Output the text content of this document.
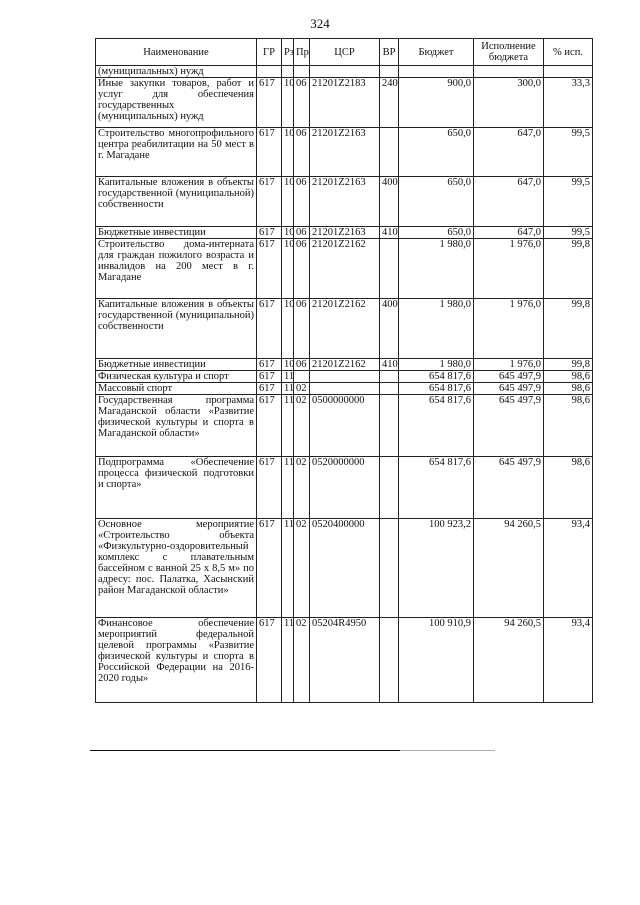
324
Наименование	ГР	Рз	Пр	ЦСР	ВР	Бюджет	Исполнение бюджета	% исп.
(муниципальных) нужд								
Иные закупки товаров, работ и услуг для обеспечения государственных (муниципальных) нужд	617	10	06	21201Z2183	240	900,0	300,0	33,3
Строительство многопрофильного центра реабилитации на 50 мест в г. Магадане	617	10	06	21201Z2163		650,0	647,0	99,5
Капитальные вложения в объекты государственной (муниципальной) собственности	617	10	06	21201Z2163	400	650,0	647,0	99,5
Бюджетные инвестиции	617	10	06	21201Z2163	410	650,0	647,0	99,5
Строительство дома-интерната для граждан пожилого возраста и инвалидов на 200 мест в г. Магадане	617	10	06	21201Z2162		1 980,0	1 976,0	99,8
Капитальные вложения в объекты государственной (муниципальной) собственности	617	10	06	21201Z2162	400	1 980,0	1 976,0	99,8
Бюджетные инвестиции	617	10	06	21201Z2162	410	1 980,0	1 976,0	99,8
Физическая культура и спорт	617	11				654 817,6	645 497,9	98,6
Массовый спорт	617	11	02			654 817,6	645 497,9	98,6
Государственная программа Магаданской области «Развитие физической культуры и спорта в Магаданской области»	617	11	02	0500000000		654 817,6	645 497,9	98,6
Подпрограмма «Обеспечение процесса физической подготовки и спорта»	617	11	02	0520000000		654 817,6	645 497,9	98,6
Основное мероприятие «Строительство объекта «Физкультурно-оздоровительный комплекс с плавательным бассейном с ванной 25 х 8,5 м» по адресу: пос. Палатка, Хасынский район Магаданской области»	617	11	02	0520400000		100 923,2	94 260,5	93,4
Финансовое обеспечение мероприятий федеральной целевой программы «Развитие физической культуры и спорта в Российской Федерации на 2016-2020 годы»	617	11	02	05204R4950		100 910,9	94 260,5	93,4
